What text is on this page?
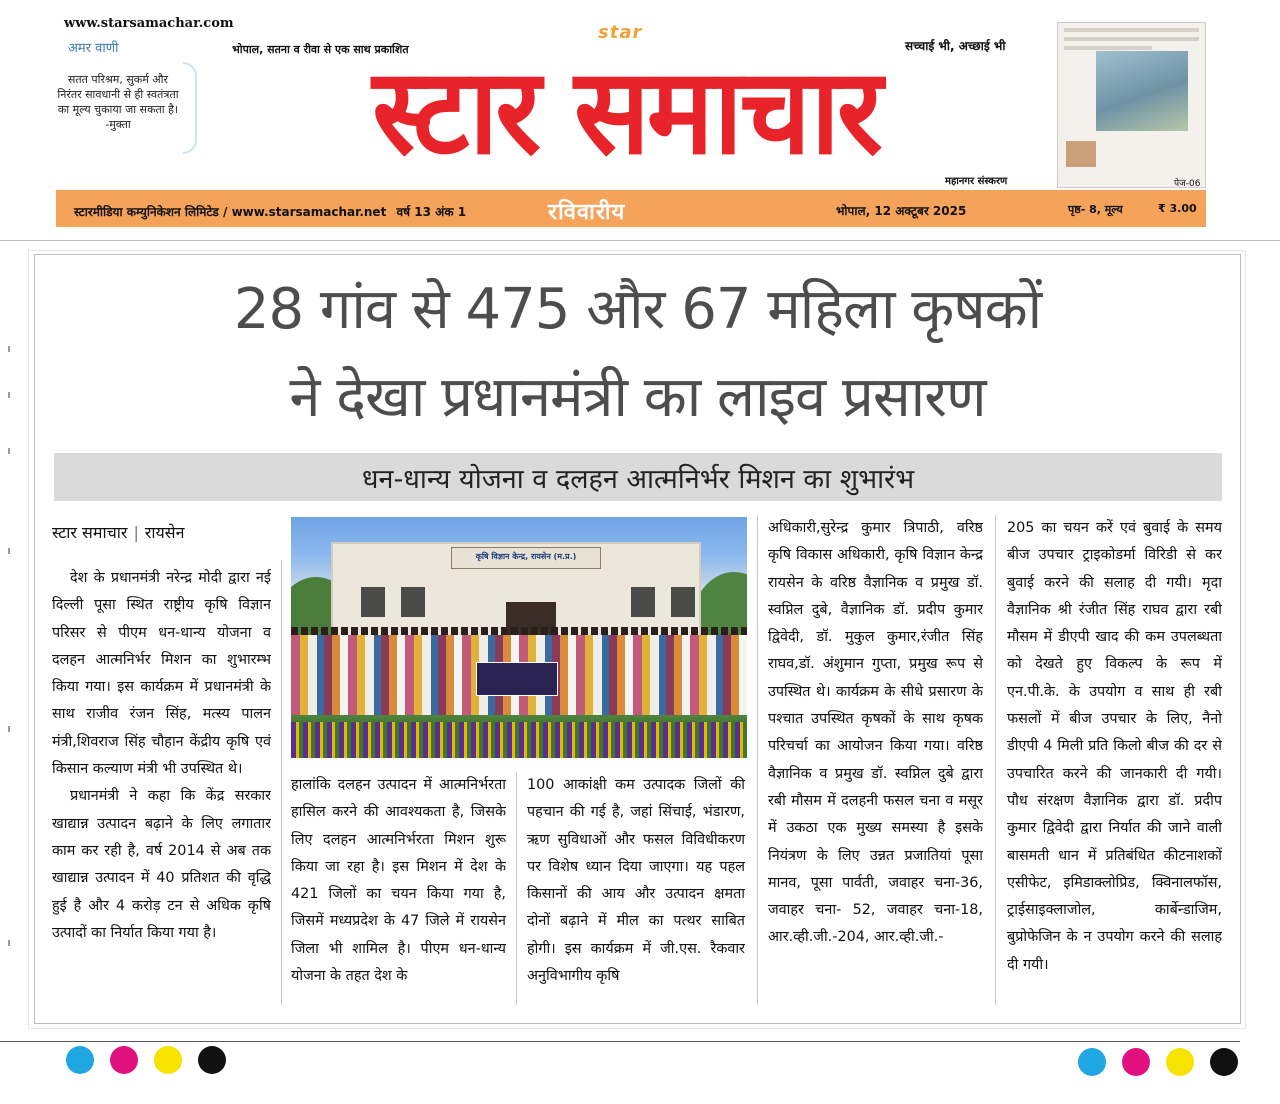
www.starsamachar.com
अमर वाणी
सतत परिश्रम, सुकर्म और निरंतर सावधानी से ही स्वतंत्रता का मूल्य चुकाया जा सकता है।
-मुक्ता
भोपाल, सतना व रीवा से एक साथ प्रकाशित
star
सच्चाई भी, अच्छाई भी
स्टार समाचार
महानगर संस्करण	पेज-06
स्टारमीडिया कम्युनिकेशन लिमिटेड / www.starsamachar.net वर्ष 13 अंक 1	रविवारीय	भोपाल, 12 अक्टूबर 2025	पृष्ठ- 8, मूल्य	₹ 3.00
28 गांव से 475 और 67 महिला कृषकों
ने देखा प्रधानमंत्री का लाइव प्रसारण
धन-धान्य योजना व दलहन आत्मनिर्भर मिशन का शुभारंभ
स्टार समाचार | रायसेन

देश के प्रधानमंत्री नरेन्द्र मोदी द्वारा नई दिल्ली पूसा स्थित राष्ट्रीय कृषि विज्ञान परिसर से पीएम धन-धान्य योजना व दलहन आत्मनिर्भर मिशन का शुभारम्भ किया गया। इस कार्यक्रम में प्रधानमंत्री के साथ राजीव रंजन सिंह, मत्स्य पालन मंत्री,शिवराज सिंह चौहान केंद्रीय कृषि एवं किसान कल्याण मंत्री भी उपस्थित थे।

प्रधानमंत्री ने कहा कि केंद्र सरकार खाद्यान्न उत्पादन बढ़ाने के लिए लगातार काम कर रही है, वर्ष 2014 से अब तक खाद्यान्न उत्पादन में 40 प्रतिशत की वृद्धि हुई है और 4 करोड़ टन से अधिक कृषि उत्पादों का निर्यात किया गया है।

कृषि विज्ञान केन्द्र, रायसेन (म.प्र.)

हालांकि दलहन उत्पादन में आत्मनिर्भरता हासिल करने की आवश्यकता है, जिसके लिए दलहन आत्मनिर्भरता मिशन शुरू किया जा रहा है। इस मिशन में देश के 421 जिलों का चयन किया गया है, जिसमें मध्यप्रदेश के 47 जिले में रायसेन जिला भी शामिल है। पीएम धन-धान्य योजना के तहत देश के

100 आकांक्षी कम उत्पादक जिलों की पहचान की गई है, जहां सिंचाई, भंडारण, ऋण सुविधाओं और फसल विविधीकरण पर विशेष ध्यान दिया जाएगा। यह पहल किसानों की आय और उत्पादन क्षमता दोनों बढ़ाने में मील का पत्थर साबित होगी। इस कार्यक्रम में जी.एस. रैकवार अनुविभागीय कृषि

अधिकारी,सुरेन्द्र कुमार त्रिपाठी, वरिष्ठ कृषि विकास अधिकारी, कृषि विज्ञान केन्द्र रायसेन के वरिष्ठ वैज्ञानिक व प्रमुख डॉ. स्वप्निल दुबे, वैज्ञानिक डॉ. प्रदीप कुमार द्विवेदी, डॉ. मुकुल कुमार,रंजीत सिंह राघव,डॉ. अंशुमान गुप्ता, प्रमुख रूप से उपस्थित थे। कार्यक्रम के सीधे प्रसारण के पश्चात उपस्थित कृषकों के साथ कृषक परिचर्चा का आयोजन किया गया। वरिष्ठ वैज्ञानिक व प्रमुख डॉ. स्वप्निल दुबे द्वारा रबी मौसम में दलहनी फसल चना व मसूर में उकठा एक मुख्य समस्या है इसके नियंत्रण के लिए उन्नत प्रजातियां पूसा मानव, पूसा पार्वती, जवाहर चना-36, जवाहर चना- 52, जवाहर चना-18, आर.व्ही.जी.-204, आर.व्ही.जी.-

205 का चयन करें एवं बुवाई के समय बीज उपचार ट्राइकोडर्मा विरिडी से कर बुवाई करने की सलाह दी गयी। मृदा वैज्ञानिक श्री रंजीत सिंह राघव द्वारा रबी मौसम में डीएपी खाद की कम उपलब्धता को देखते हुए विकल्प के रूप में एन.पी.के. के उपयोग व साथ ही रबी फसलों में बीज उपचार के लिए, नैनो डीएपी 4 मिली प्रति किलो बीज की दर से उपचारित करने की जानकारी दी गयी। पौध संरक्षण वैज्ञानिक द्वारा डॉ. प्रदीप कुमार द्विवेदी द्वारा निर्यात की जाने वाली बासमती धान में प्रतिबंधित कीटनाशकों एसीफेट, इमिडाक्लोप्रिड, क्विनालफॉस, ट्राईसाइक्लाजोल, कार्बेन्डाजिम, बुप्रोफेजिन के न उपयोग करने की सलाह दी गयी।
